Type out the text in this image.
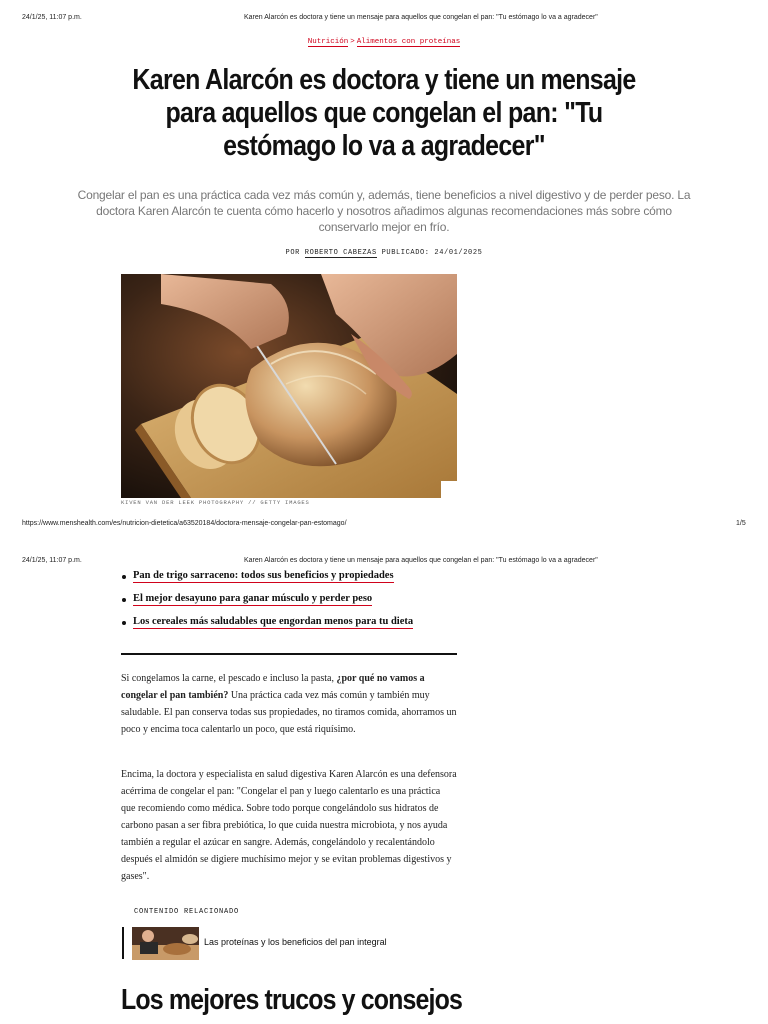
24/1/25, 11:07 p.m.	Karen Alarcón es doctora y tiene un mensaje para aquellos que congelan el pan: "Tu estómago lo va a agradecer"
Nutrición > Alimentos con proteínas
Karen Alarcón es doctora y tiene un mensaje para aquellos que congelan el pan: "Tu estómago lo va a agradecer"
Congelar el pan es una práctica cada vez más común y, además, tiene beneficios a nivel digestivo y de perder peso. La doctora Karen Alarcón te cuenta cómo hacerlo y nosotros añadimos algunas recomendaciones más sobre cómo conservarlo mejor en frío.
POR ROBERTO CABEZAS PUBLICADO: 24/01/2025
KIVEN VAN DER LEEK PHOTOGRAPHY // GETTY IMAGES
https://www.menshealth.com/es/nutricion-dietetica/a63520184/doctora-mensaje-congelar-pan-estomago/	1/5
24/1/25, 11:07 p.m.	Karen Alarcón es doctora y tiene un mensaje para aquellos que congelan el pan: "Tu estómago lo va a agradecer"
Pan de trigo sarraceno: todos sus beneficios y propiedades
El mejor desayuno para ganar músculo y perder peso
Los cereales más saludables que engordan menos para tu dieta
Si congelamos la carne, el pescado e incluso la pasta, ¿por qué no vamos a congelar el pan también? Una práctica cada vez más común y también muy saludable. El pan conserva todas sus propiedades, no tiramos comida, ahorramos un poco y encima toca calentarlo un poco, que está riquísimo.
Encima, la doctora y especialista en salud digestiva Karen Alarcón es una defensora acérrima de congelar el pan: "Congelar el pan y luego calentarlo es una práctica que recomiendo como médica. Sobre todo porque congelándolo sus hidratos de carbono pasan a ser fibra prebiótica, lo que cuida nuestra microbiota, y nos ayuda también a regular el azúcar en sangre. Además, congelándolo y recalentándolo después el almidón se digiere muchísimo mejor y se evitan problemas digestivos y gases".
CONTENIDO RELACIONADO
Las proteínas y los beneficios del pan integral
Los mejores trucos y consejos
